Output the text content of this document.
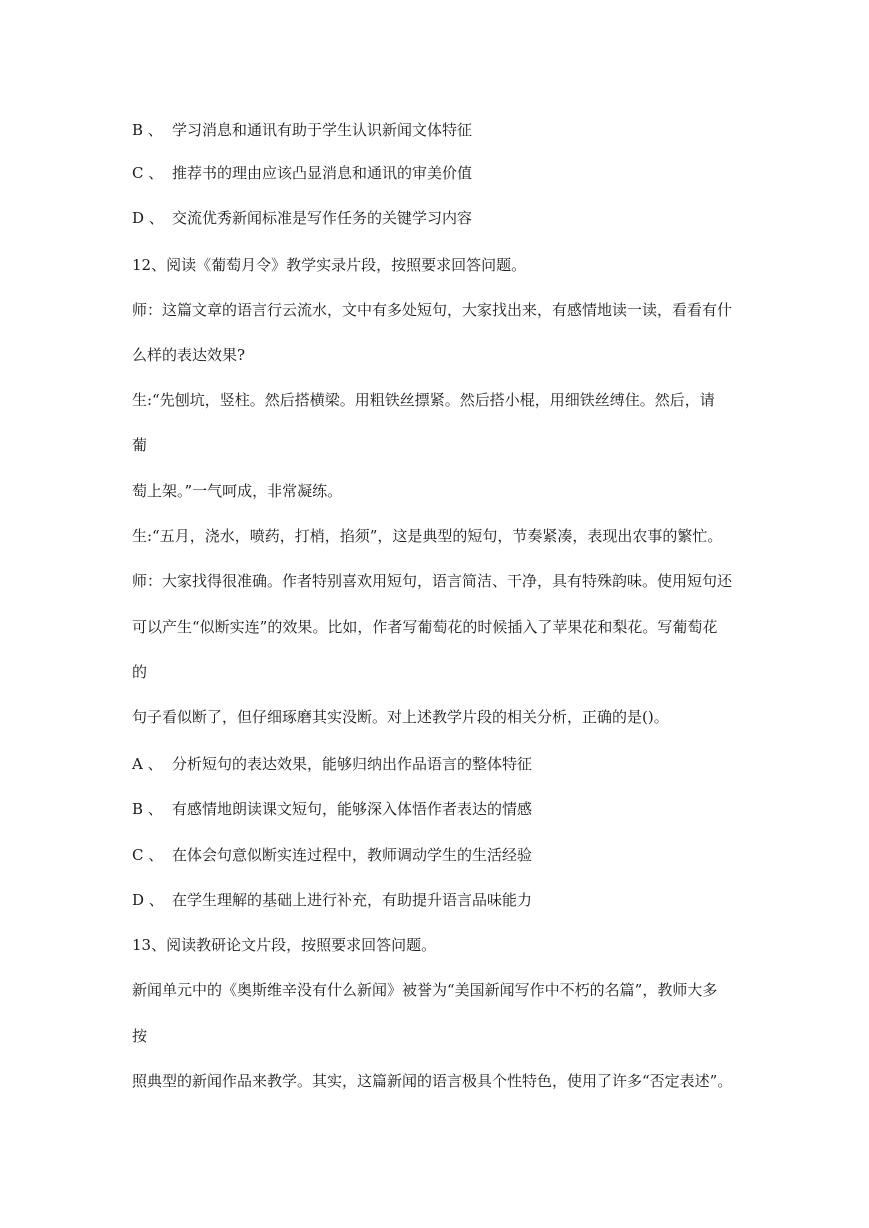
B 、 学习消息和通讯有助于学生认识新闻文体特征
C 、 推荐书的理由应该凸显消息和通讯的审美价值
D 、 交流优秀新闻标准是写作任务的关键学习内容
12、阅读《葡萄月令》教学实录片段，按照要求回答问题。
师：这篇文章的语言行云流水，文中有多处短句，大家找出来，有感情地读一读，看看有什
么样的表达效果?
生:“先刨坑，竖柱。然后搭横梁。用粗铁丝摽紧。然后搭小棍，用细铁丝缚住。然后，请
葡
萄上架。”一气呵成，非常凝练。
生:“五月，浇水，喷药，打梢，掐须”，这是典型的短句，节奏紧凑，表现出农事的繁忙。
师：大家找得很准确。作者特别喜欢用短句，语言简洁、干净，具有特殊韵味。使用短句还
可以产生“似断实连”的效果。比如，作者写葡萄花的时候插入了苹果花和梨花。写葡萄花
的
句子看似断了，但仔细琢磨其实没断。对上述教学片段的相关分析，正确的是()。
A 、 分析短句的表达效果，能够归纳出作品语言的整体特征
B 、 有感情地朗读课文短句，能够深入体悟作者表达的情感
C 、 在体会句意似断实连过程中，教师调动学生的生活经验
D 、 在学生理解的基础上进行补充，有助提升语言品味能力
13、阅读教研论文片段，按照要求回答问题。
新闻单元中的《奥斯维辛没有什么新闻》被誉为“美国新闻写作中不朽的名篇”，教师大多
按
照典型的新闻作品来教学。其实，这篇新闻的语言极具个性特色，使用了许多“否定表述”。
